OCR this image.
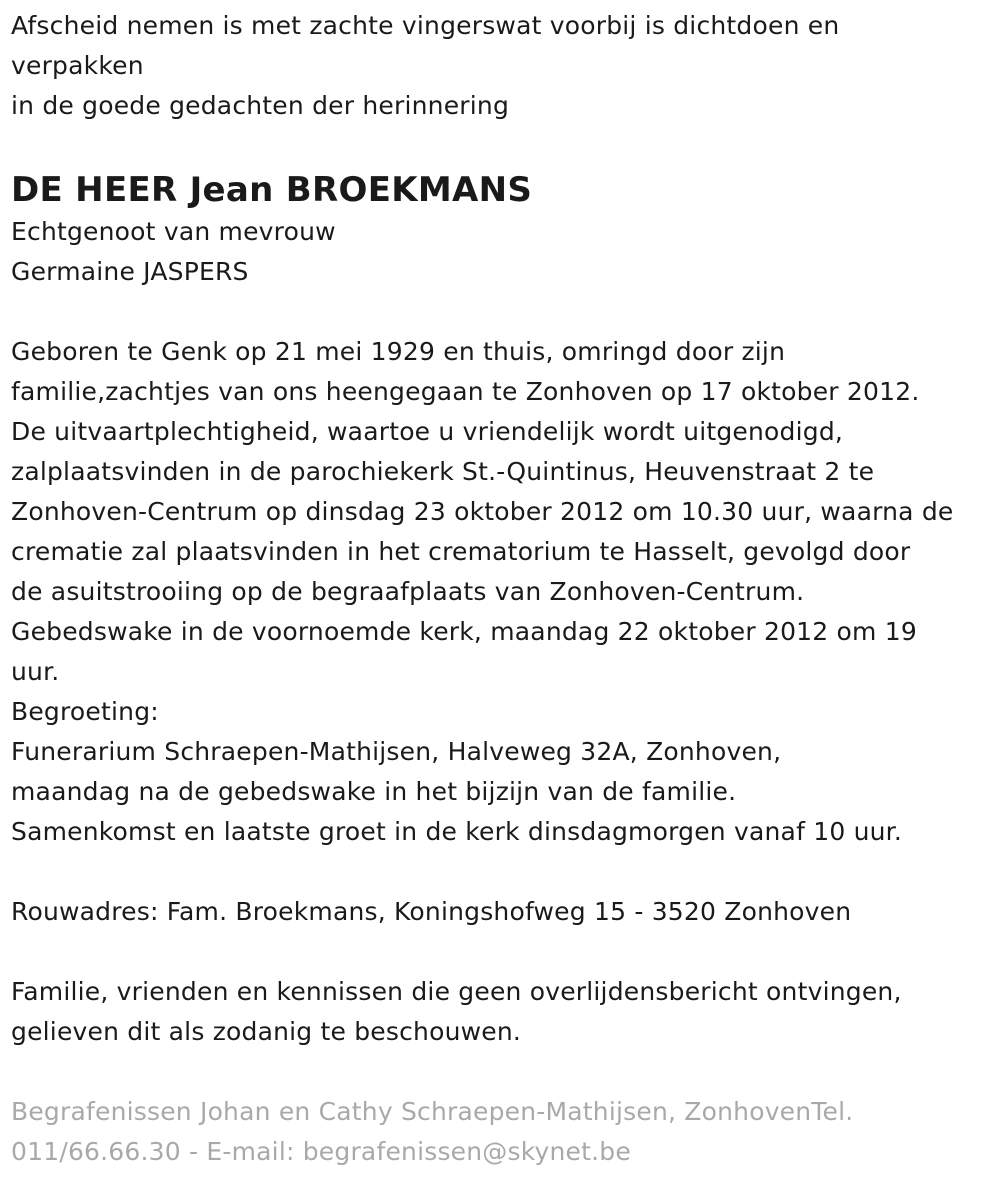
Afscheid nemen is met zachte vingerswat voorbij is dichtdoen en
verpakken
in de goede gedachten der herinnering
DE HEER Jean BROEKMANS
Echtgenoot van mevrouw
Germaine JASPERS
Geboren te Genk op 21 mei 1929 en thuis, omringd door zijn
familie,zachtjes van ons heengegaan te Zonhoven op 17 oktober 2012.
De uitvaartplechtigheid, waartoe u vriendelijk wordt uitgenodigd,
zalplaatsvinden in de parochiekerk St.-Quintinus, Heuvenstraat 2 te
Zonhoven-Centrum op dinsdag 23 oktober 2012 om 10.30 uur, waarna de
crematie zal plaatsvinden in het crematorium te Hasselt, gevolgd door
de asuitstrooiing op de begraafplaats van Zonhoven-Centrum.
Gebedswake in de voornoemde kerk, maandag 22 oktober 2012 om 19
uur.
Begroeting:
Funerarium Schraepen-Mathijsen, Halveweg 32A, Zonhoven,
maandag na de gebedswake in het bijzijn van de familie.
Samenkomst en laatste groet in de kerk dinsdagmorgen vanaf 10 uur.
Rouwadres: Fam. Broekmans, Koningshofweg 15 - 3520 Zonhoven
Familie, vrienden en kennissen die geen overlijdensbericht ontvingen,
gelieven dit als zodanig te beschouwen.
Begrafenissen Johan en Cathy Schraepen-Mathijsen, ZonhovenTel.
011/66.66.30 - E-mail: begrafenissen@skynet.be
